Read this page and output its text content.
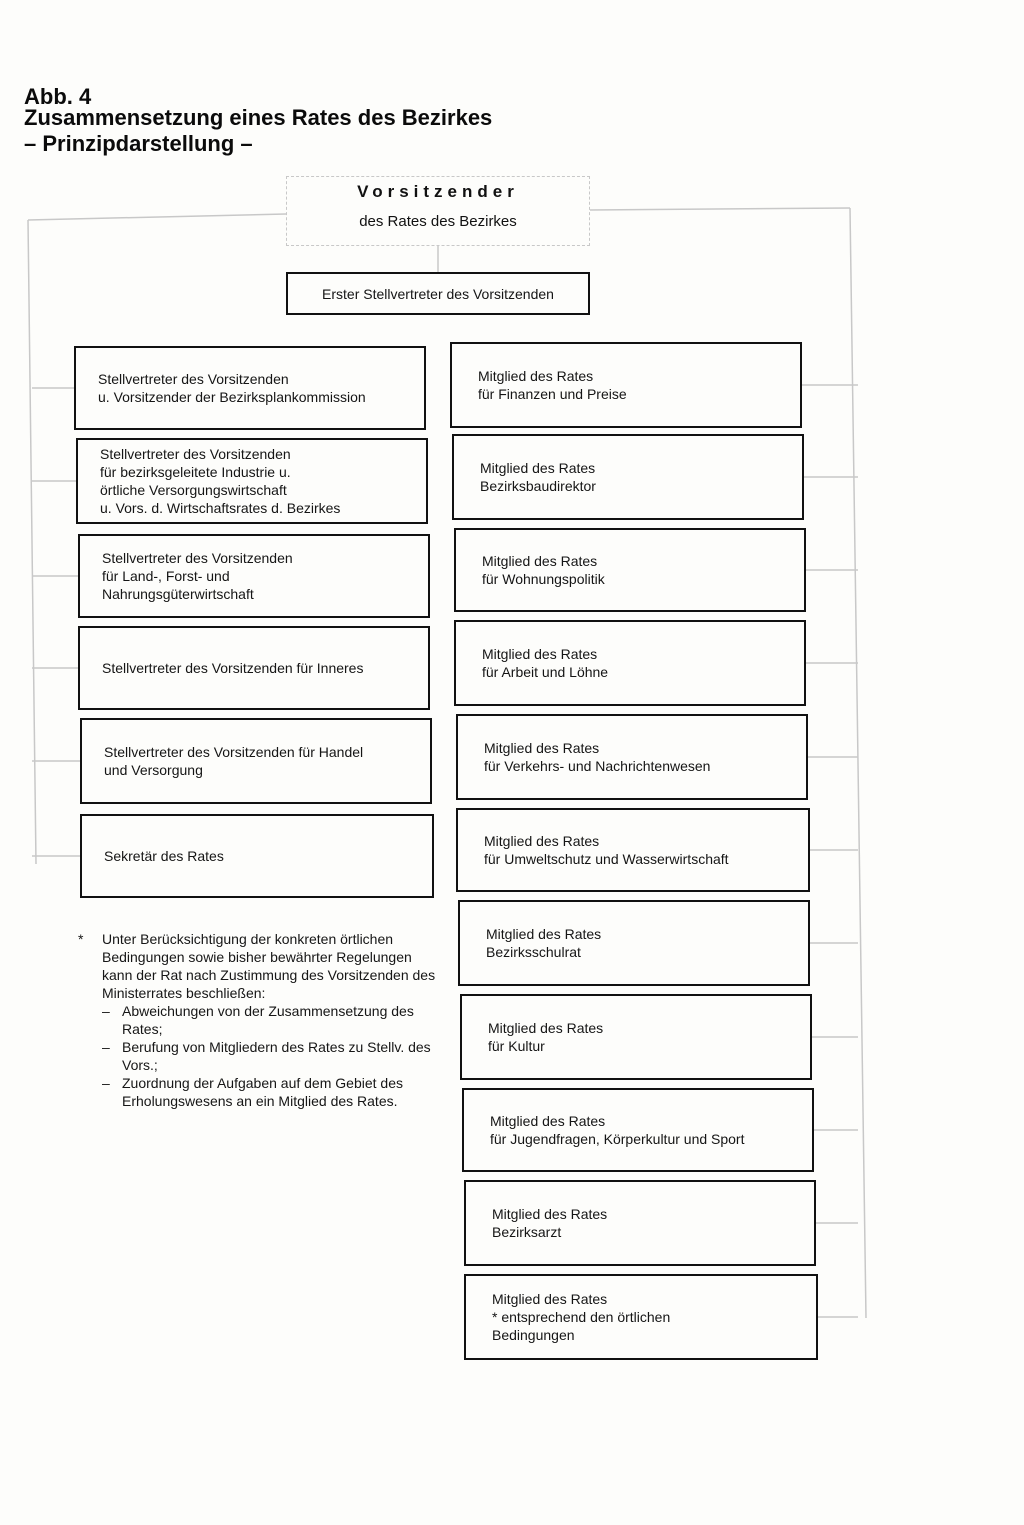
Abb. 4
Zusammensetzung eines Rates des Bezirkes
– Prinzipdarstellung –
Vorsitzender
des Rates des Bezirkes
Erster Stellvertreter des Vorsitzenden
Stellvertreter des Vorsitzenden
u. Vorsitzender der Bezirksplankommission
Stellvertreter des Vorsitzenden
für bezirksgeleitete Industrie u.
örtliche Versorgungswirtschaft
u. Vors. d. Wirtschaftsrates d. Bezirkes
Stellvertreter des Vorsitzenden
für Land-, Forst- und
Nahrungsgüterwirtschaft
Stellvertreter des Vorsitzenden für Inneres
Stellvertreter des Vorsitzenden für Handel
und Versorgung
Sekretär des Rates
Mitglied des Rates
für Finanzen und Preise
Mitglied des Rates
Bezirksbaudirektor
Mitglied des Rates
für Wohnungspolitik
Mitglied des Rates
für Arbeit und Löhne
Mitglied des Rates
für Verkehrs- und Nachrichtenwesen
Mitglied des Rates
für Umweltschutz und Wasserwirtschaft
Mitglied des Rates
Bezirksschulrat
Mitglied des Rates
für Kultur
Mitglied des Rates
für Jugendfragen, Körperkultur und Sport
Mitglied des Rates
Bezirksarzt
Mitglied des Rates
* entsprechend den örtlichen
Bedingungen
*	Unter Berücksichtigung der konkreten örtlichen Bedingungen sowie bisher bewährter Regelungen kann der Rat nach Zustimmung des Vorsitzenden des Ministerrates beschließen:
– Abweichungen von der Zusammensetzung des Rates;
– Berufung von Mitgliedern des Rates zu Stellv. des Vors.;
– Zuordnung der Aufgaben auf dem Gebiet des Erholungswesens an ein Mitglied des Rates.
